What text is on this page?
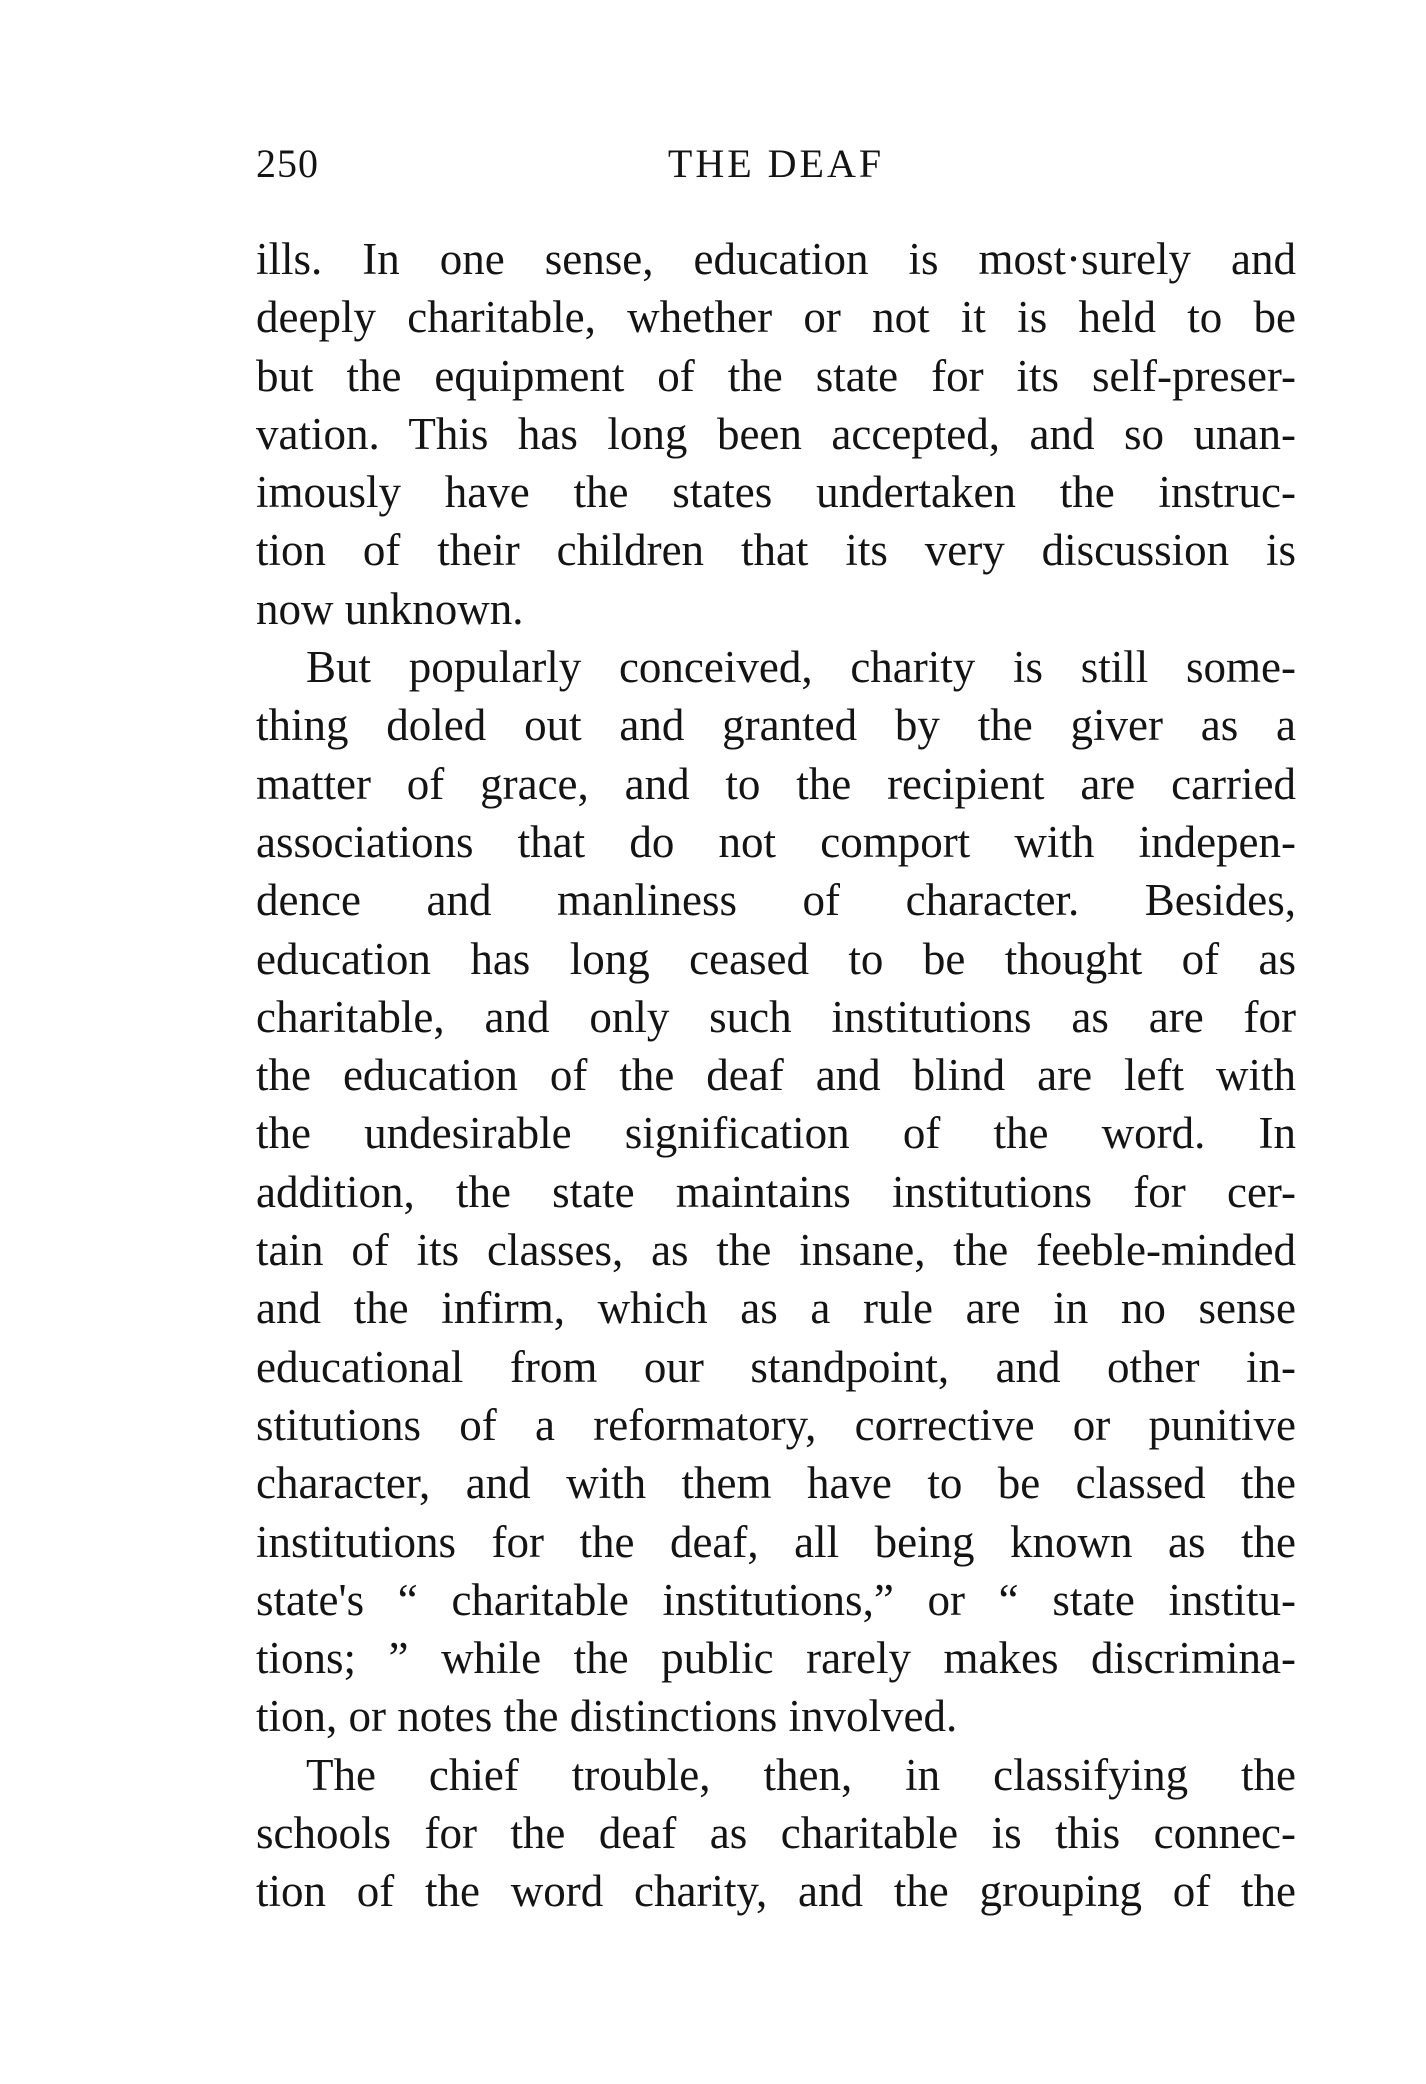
250	THE DEAF
ills. In one sense, education is most·surely and
deeply charitable, whether or not it is held to be
but the equipment of the state for its self-preser-
vation. This has long been accepted, and so unan-
imously have the states undertaken the instruc-
tion of their children that its very discussion is
now unknown.
But popularly conceived, charity is still some-
thing doled out and granted by the giver as a
matter of grace, and to the recipient are carried
associations that do not comport with indepen-
dence and manliness of character. Besides,
education has long ceased to be thought of as
charitable, and only such institutions as are for
the education of the deaf and blind are left with
the undesirable signification of the word. In
addition, the state maintains institutions for cer-
tain of its classes, as the insane, the feeble-minded
and the infirm, which as a rule are in no sense
educational from our standpoint, and other in-
stitutions of a reformatory, corrective or punitive
character, and with them have to be classed the
institutions for the deaf, all being known as the
state's “ charitable institutions,” or “ state institu-
tions; ” while the public rarely makes discrimina-
tion, or notes the distinctions involved.
The chief trouble, then, in classifying the
schools for the deaf as charitable is this connec-
tion of the word charity, and the grouping of the
